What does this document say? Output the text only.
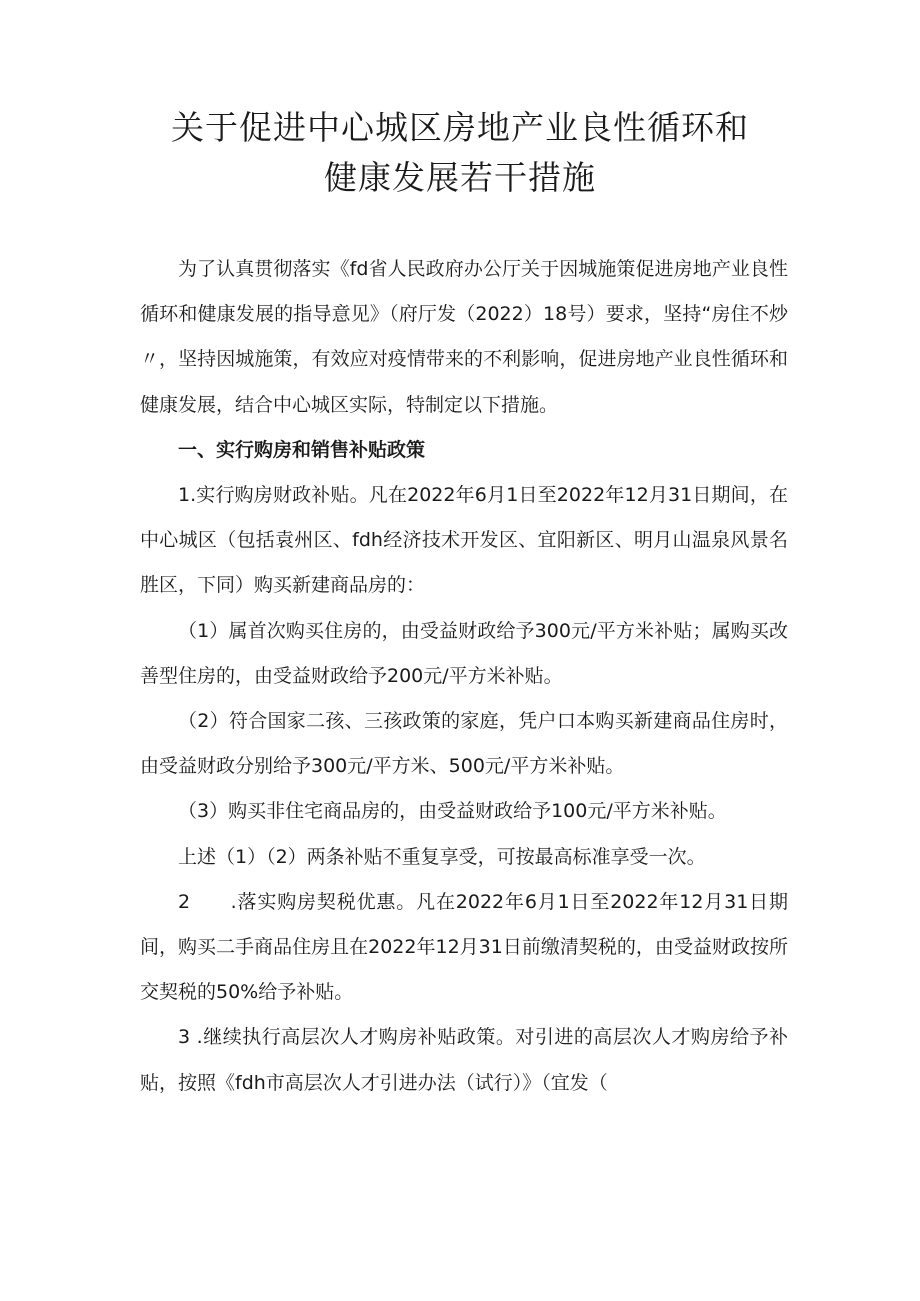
关于促进中心城区房地产业良性循环和
健康发展若干措施

为了认真贯彻落实《fd省人民政府办公厅关于因城施策促进房地产业良性循环和健康发展的指导意见》（府厅发（2022）18号）要求，坚持“房住不炒〃，坚持因城施策，有效应对疫情带来的不利影响，促进房地产业良性循环和健康发展，结合中心城区实际，特制定以下措施。

一、实行购房和销售补贴政策

1.实行购房财政补贴。凡在2022年6月1日至2022年12月31日期间，在中心城区（包括袁州区、fdh经济技术开发区、宜阳新区、明月山温泉风景名胜区，下同）购买新建商品房的：

（1）属首次购买住房的，由受益财政给予300元/平方米补贴；属购买改善型住房的，由受益财政给予200元/平方米补贴。

（2）符合国家二孩、三孩政策的家庭，凭户口本购买新建商品住房时，由受益财政分别给予300元/平方米、500元/平方米补贴。

（3）购买非住宅商品房的，由受益财政给予100元/平方米补贴。

上述（1）（2）两条补贴不重复享受，可按最高标准享受一次。

2　　.落实购房契税优惠。凡在2022年6月1日至2022年12月31日期间，购买二手商品住房且在2022年12月31日前缴清契税的，由受益财政按所交契税的50%给予补贴。

3 .继续执行高层次人才购房补贴政策。对引进的高层次人才购房给予补贴，按照《fdh市高层次人才引进办法（试行）》（宜发（
